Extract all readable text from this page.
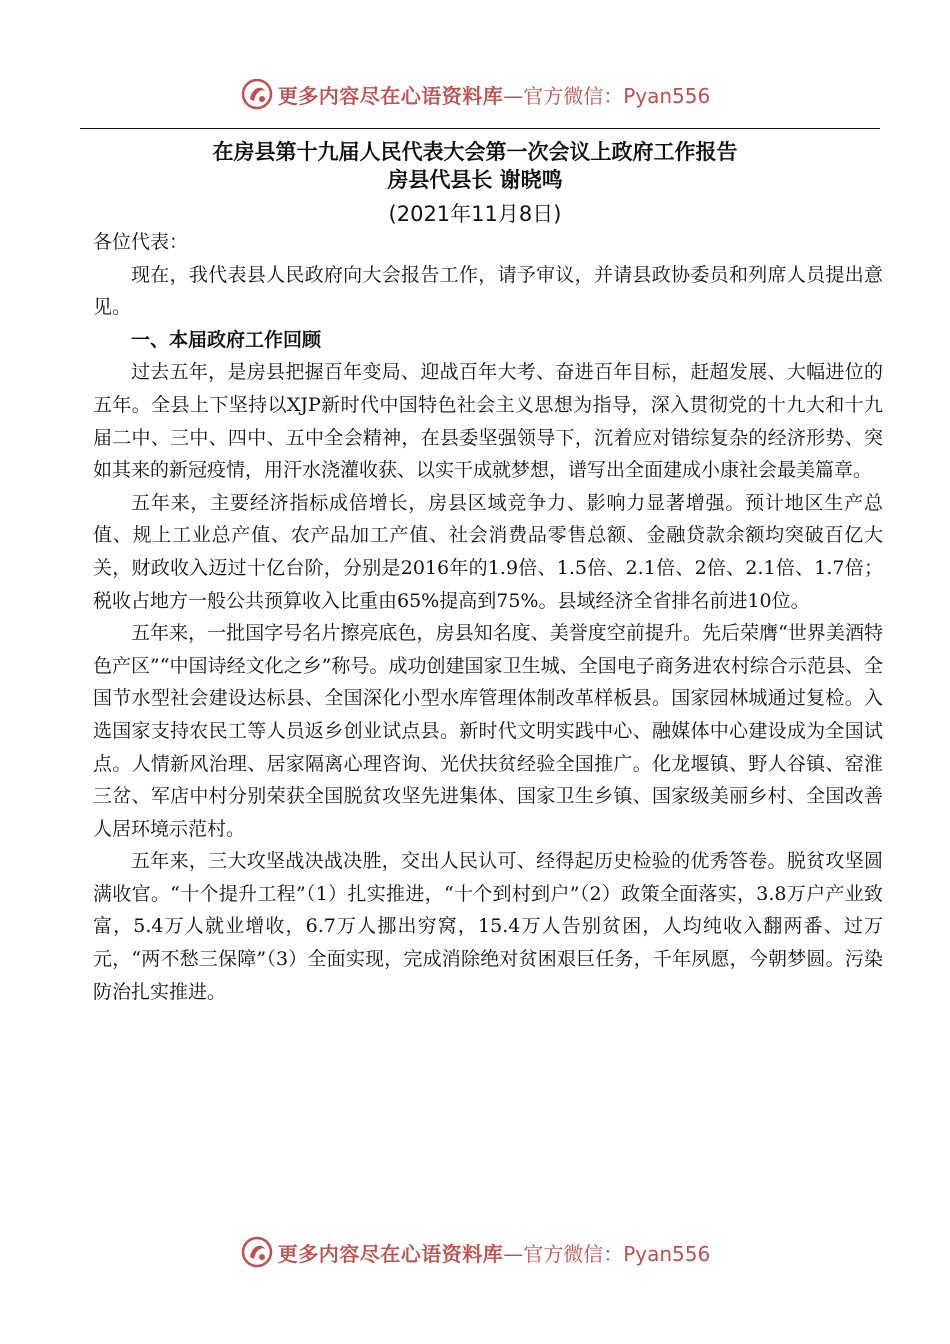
更多内容尽在心语资料库 —官方微信：Pyan556
在房县第十九届人民代表大会第一次会议上政府工作报告
房县代县长 谢晓鸣
(2021年11月8日)

各位代表：

现在，我代表县人民政府向大会报告工作，请予审议，并请县政协委员和列席人员提出意见。

一、本届政府工作回顾

过去五年，是房县把握百年变局、迎战百年大考、奋进百年目标，赶超发展、大幅进位的五年。全县上下坚持以XJP新时代中国特色社会主义思想为指导，深入贯彻党的十九大和十九届二中、三中、四中、五中全会精神，在县委坚强领导下，沉着应对错综复杂的经济形势、突如其来的新冠疫情，用汗水浇灌收获、以实干成就梦想，谱写出全面建成小康社会最美篇章。

五年来，主要经济指标成倍增长，房县区域竞争力、影响力显著增强。预计地区生产总值、规上工业总产值、农产品加工产值、社会消费品零售总额、金融贷款余额均突破百亿大关，财政收入迈过十亿台阶，分别是2016年的1.9倍、1.5倍、2.1倍、2倍、2.1倍、1.7倍；税收占地方一般公共预算收入比重由65%提高到75%。县域经济全省排名前进10位。

五年来，一批国字号名片擦亮底色，房县知名度、美誉度空前提升。先后荣膺“世界美酒特色产区”“中国诗经文化之乡”称号。成功创建国家卫生城、全国电子商务进农村综合示范县、全国节水型社会建设达标县、全国深化小型水库管理体制改革样板县。国家园林城通过复检。入选国家支持农民工等人员返乡创业试点县。新时代文明实践中心、融媒体中心建设成为全国试点。人情新风治理、居家隔离心理咨询、光伏扶贫经验全国推广。化龙堰镇、野人谷镇、窑淮三岔、军店中村分别荣获全国脱贫攻坚先进集体、国家卫生乡镇、国家级美丽乡村、全国改善人居环境示范村。

五年来，三大攻坚战决战决胜，交出人民认可、经得起历史检验的优秀答卷。脱贫攻坚圆满收官。“十个提升工程”（1）扎实推进，“十个到村到户”（2）政策全面落实，3.8万户产业致富，5.4万人就业增收，6.7万人挪出穷窝，15.4万人告别贫困，人均纯收入翻两番、过万元，“两不愁三保障”（3）全面实现，完成消除绝对贫困艰巨任务，千年夙愿，今朝梦圆。污染防治扎实推进。

更多内容尽在心语资料库 —官方微信：Pyan556
